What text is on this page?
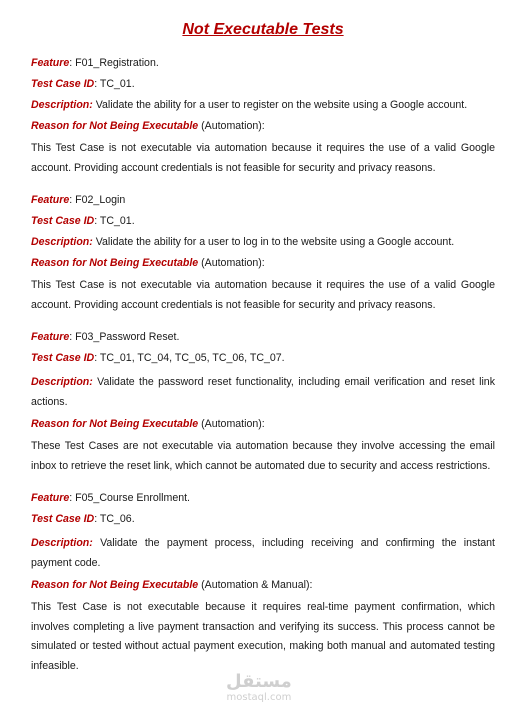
Not Executable Tests
Feature: F01_Registration.
Test Case ID: TC_01.
Description: Validate the ability for a user to register on the website using a Google account.
Reason for Not Being Executable (Automation):
This Test Case is not executable via automation because it requires the use of a valid Google account. Providing account credentials is not feasible for security and privacy reasons.
Feature: F02_Login
Test Case ID: TC_01.
Description: Validate the ability for a user to log in to the website using a Google account.
Reason for Not Being Executable (Automation):
This Test Case is not executable via automation because it requires the use of a valid Google account. Providing account credentials is not feasible for security and privacy reasons.
Feature: F03_Password Reset.
Test Case ID: TC_01, TC_04, TC_05, TC_06, TC_07.
Description: Validate the password reset functionality, including email verification and reset link actions.
Reason for Not Being Executable (Automation):
These Test Cases are not executable via automation because they involve accessing the email inbox to retrieve the reset link, which cannot be automated due to security and access restrictions.
Feature: F05_Course Enrollment.
Test Case ID: TC_06.
Description: Validate the payment process, including receiving and confirming the instant payment code.
Reason for Not Being Executable (Automation & Manual):
This Test Case is not executable because it requires real-time payment confirmation, which involves completing a live payment transaction and verifying its success. This process cannot be simulated or tested without actual payment execution, making both manual and automated testing infeasible.
مستقل
mostaql.com
